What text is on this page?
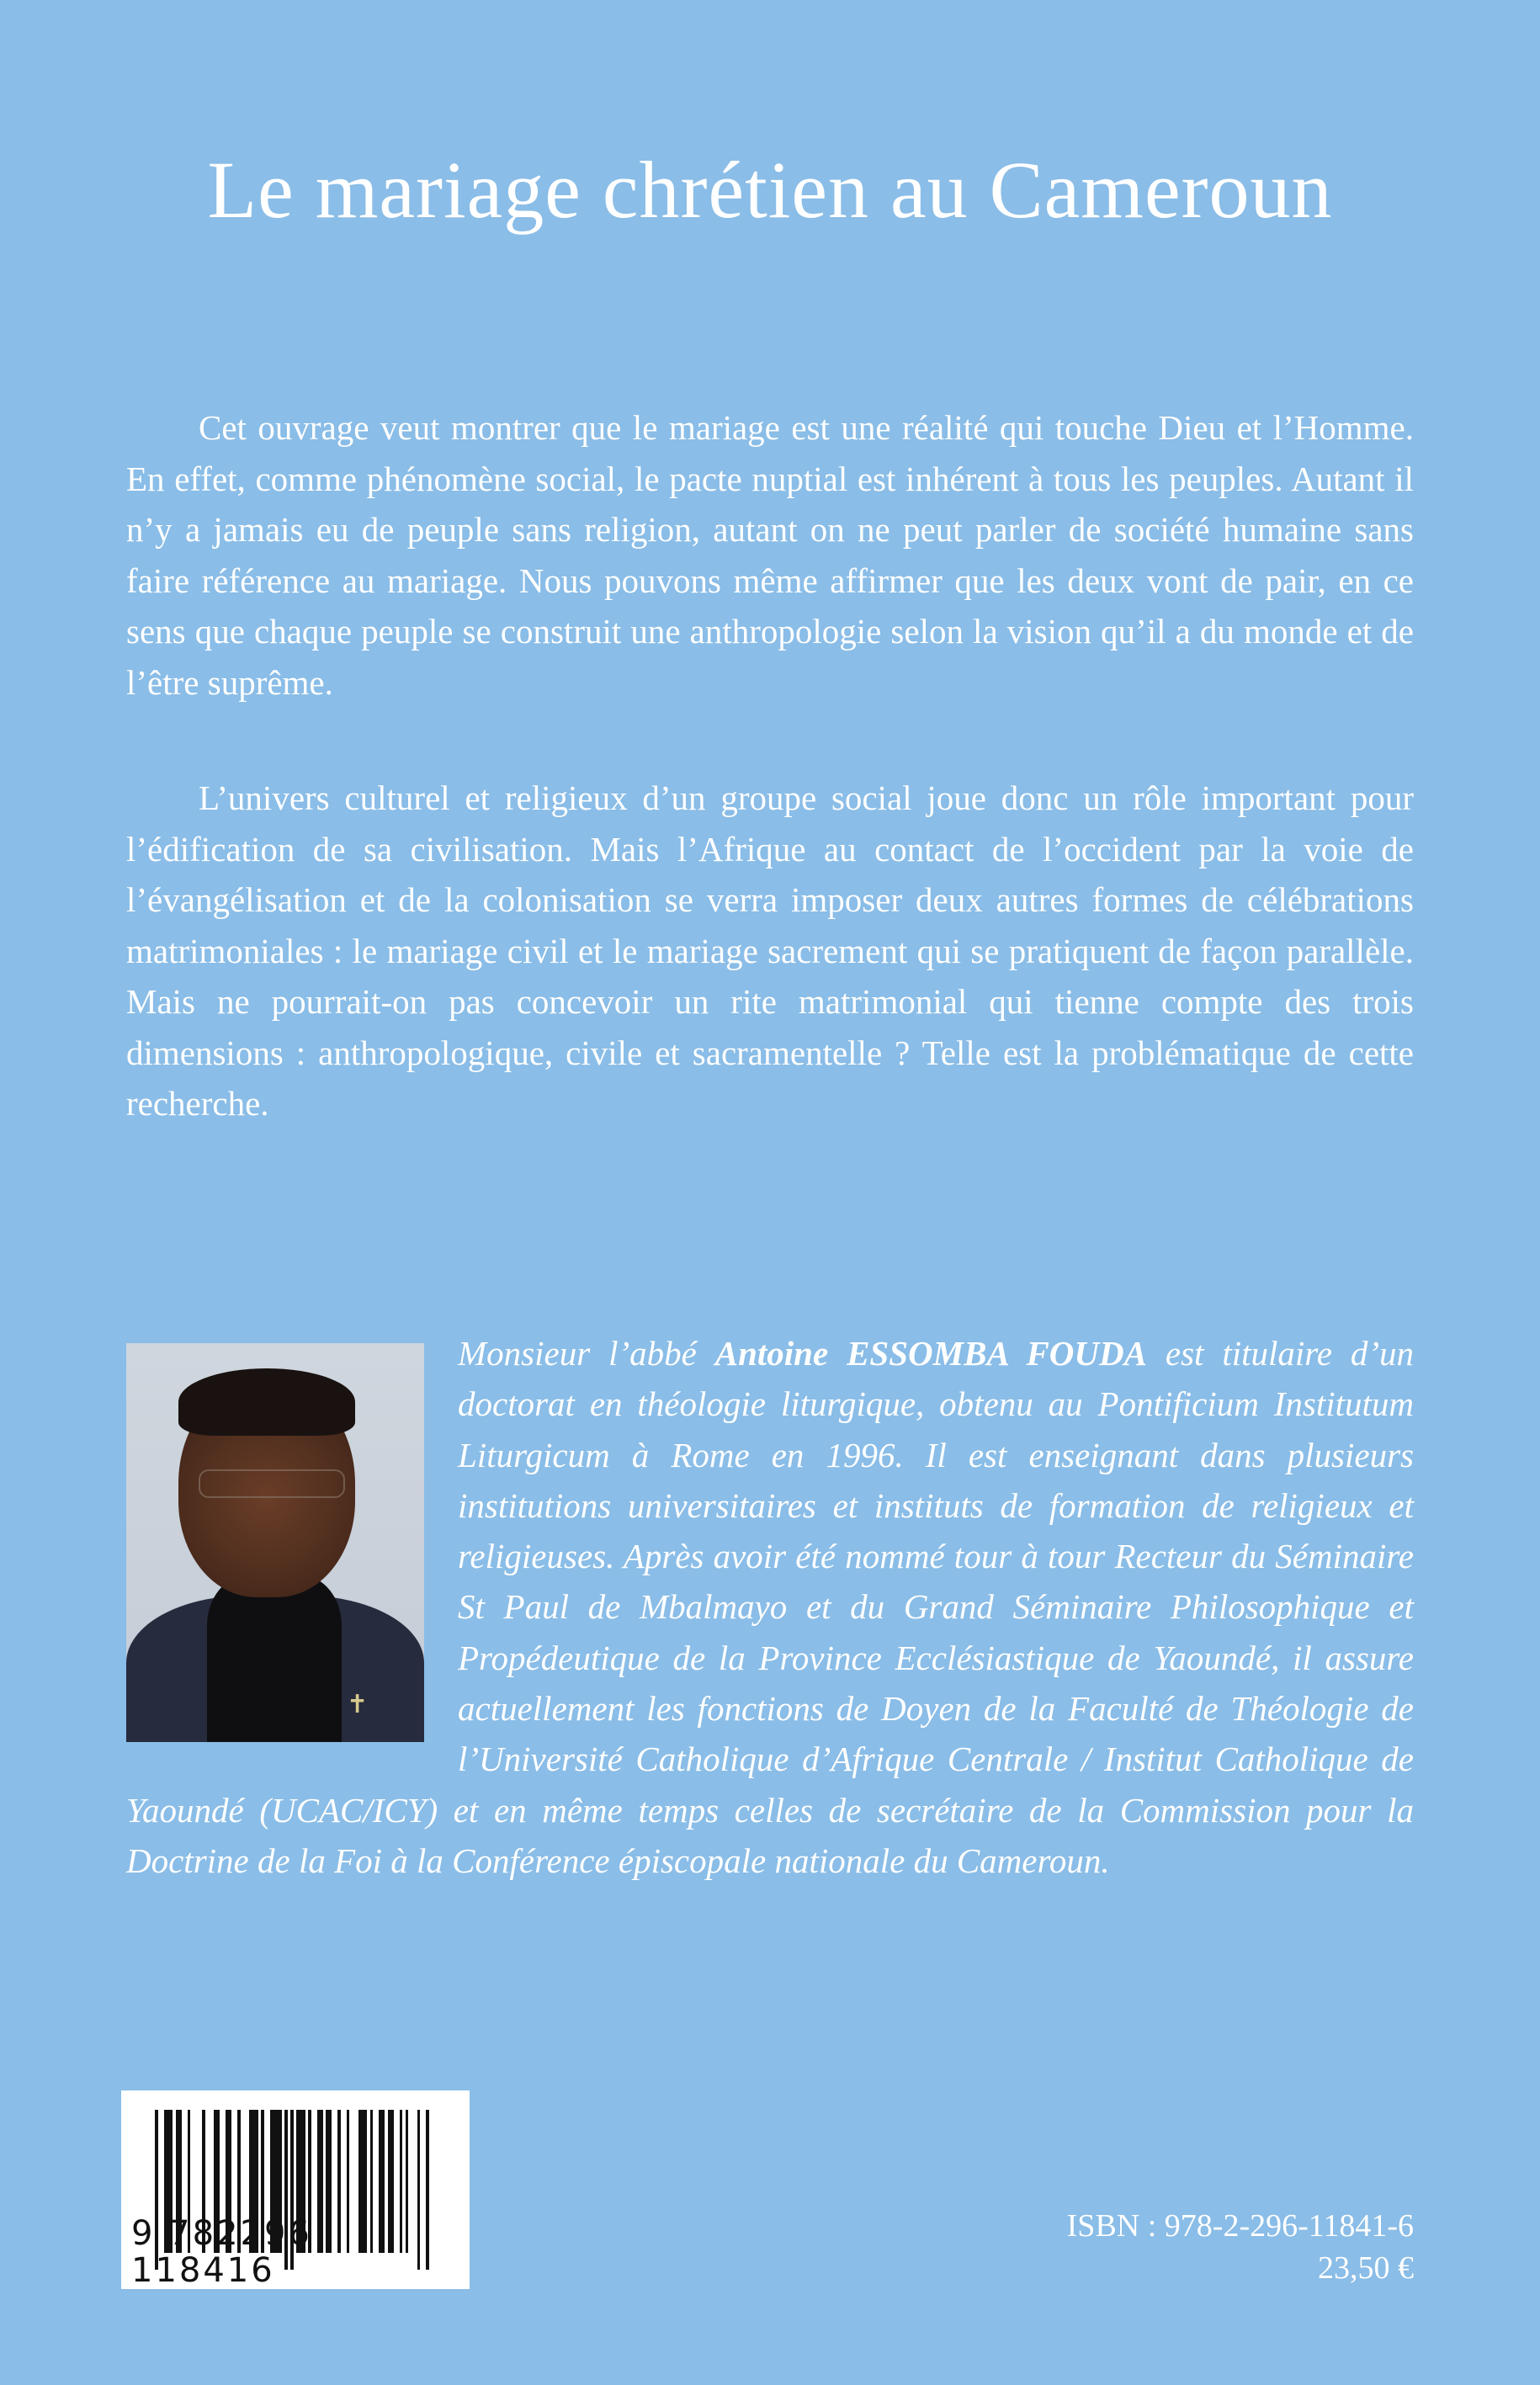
Le mariage chrétien au Cameroun

Cet ouvrage veut montrer que le mariage est une réalité qui touche Dieu et l’Homme. En effet, comme phénomène social, le pacte nuptial est inhérent à tous les peuples. Autant il n’y a jamais eu de peuple sans religion, autant on ne peut parler de société humaine sans faire référence au mariage. Nous pouvons même affirmer que les deux vont de pair, en ce sens que chaque peuple se construit une anthropologie selon la vision qu’il a du monde et de l’être suprême.

L’univers culturel et religieux d’un groupe social joue donc un rôle important pour l’édification de sa civilisation. Mais l’Afrique au contact de l’occident par la voie de l’évangélisation et de la colonisation se verra imposer deux autres formes de célébrations matrimoniales : le mariage civil et le mariage sacrement qui se pratiquent de façon parallèle. Mais ne pourrait-on pas concevoir un rite matrimonial qui tienne compte des trois dimensions : anthropologique, civile et sacramentelle ? Telle est la problématique de cette recherche.

✝
Monsieur l’abbé Antoine ESSOMBA FOUDA est titulaire d’un doctorat en théologie liturgique, obtenu au Pontificium Institutum Liturgicum à Rome en 1996. Il est enseignant dans plusieurs institutions universitaires et instituts de formation de religieux et religieuses. Après avoir été nommé tour à tour Recteur du Séminaire St Paul de Mbalmayo et du Grand Séminaire Philosophique et Propédeutique de la Province Ecclésiastique de Yaoundé, il assure actuellement les fonctions de Doyen de la Faculté de Théologie de l’Université Catholique d’Afrique Centrale / Institut Catholique de Yaoundé (UCAC/ICY) et en même temps celles de secrétaire de la Commission pour la Doctrine de la Foi à la Conférence épiscopale nationale du Cameroun.
9 782296 118416
ISBN : 978-2-296-11841-6
23,50 €
